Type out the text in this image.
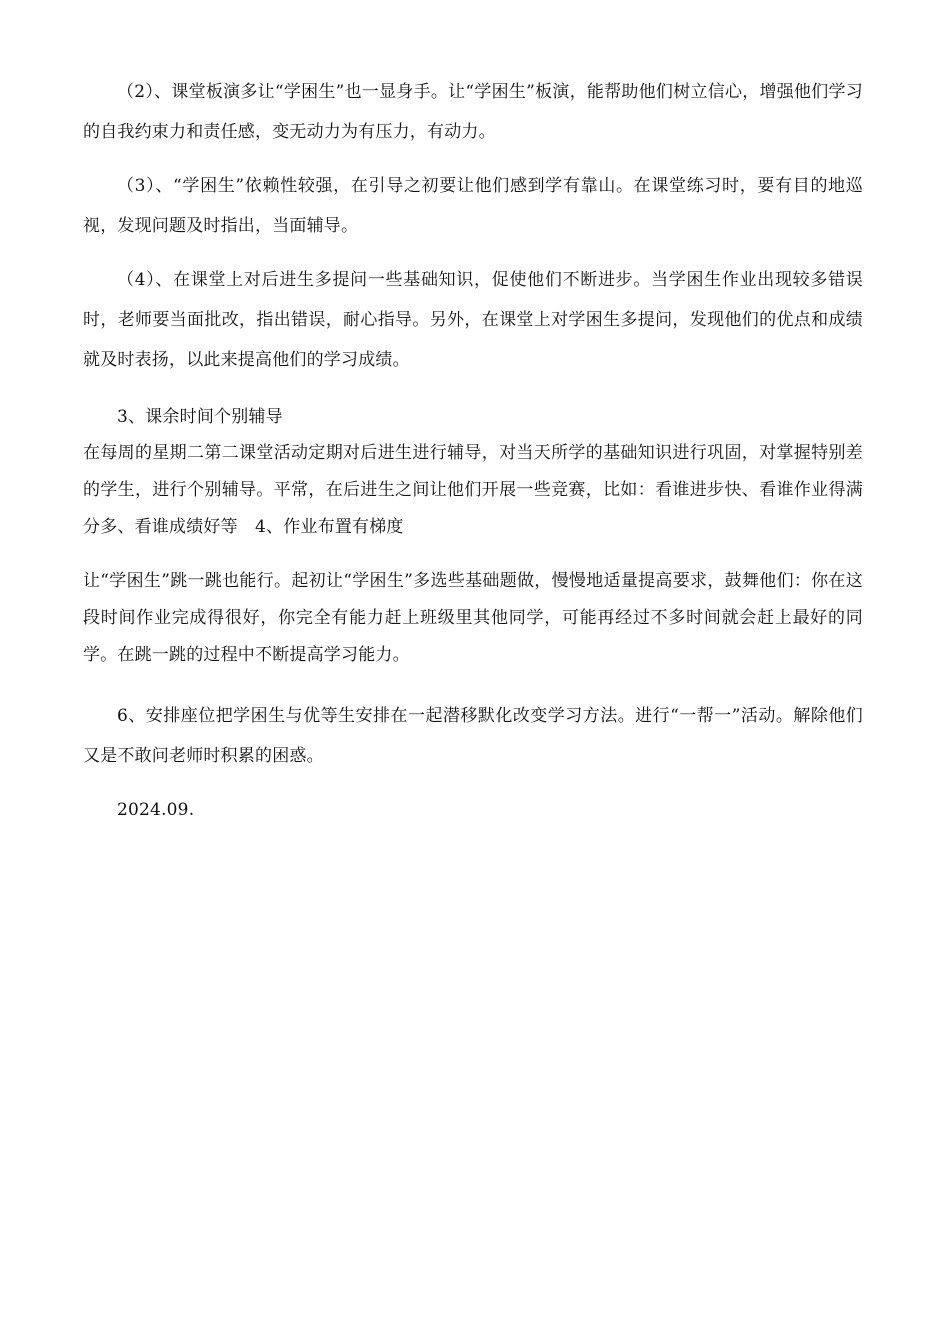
（2）、课堂板演多让“学困生”也一显身手。让“学困生”板演，能帮助他们树立信心，增强他们学习的自我约束力和责任感，变无动力为有压力，有动力。

（3）、“学困生”依赖性较强，在引导之初要让他们感到学有靠山。在课堂练习时，要有目的地巡视，发现问题及时指出，当面辅导。

（4）、在课堂上对后进生多提问一些基础知识，促使他们不断进步。当学困生作业出现较多错误时，老师要当面批改，指出错误，耐心指导。另外，在课堂上对学困生多提问，发现他们的优点和成绩就及时表扬，以此来提高他们的学习成绩。

3、课余时间个别辅导

在每周的星期二第二课堂活动定期对后进生进行辅导，对当天所学的基础知识进行巩固，对掌握特别差的学生，进行个别辅导。平常，在后进生之间让他们开展一些竞赛，比如：看谁进步快、看谁作业得满分多、看谁成绩好等　4、作业布置有梯度

让“学困生”跳一跳也能行。起初让“学困生”多选些基础题做，慢慢地适量提高要求，鼓舞他们：你在这段时间作业完成得很好，你完全有能力赶上班级里其他同学，可能再经过不多时间就会赶上最好的同学。在跳一跳的过程中不断提高学习能力。

6、安排座位把学困生与优等生安排在一起潜移默化改变学习方法。进行“一帮一”活动。解除他们又是不敢问老师时积累的困惑。

2024.09.
